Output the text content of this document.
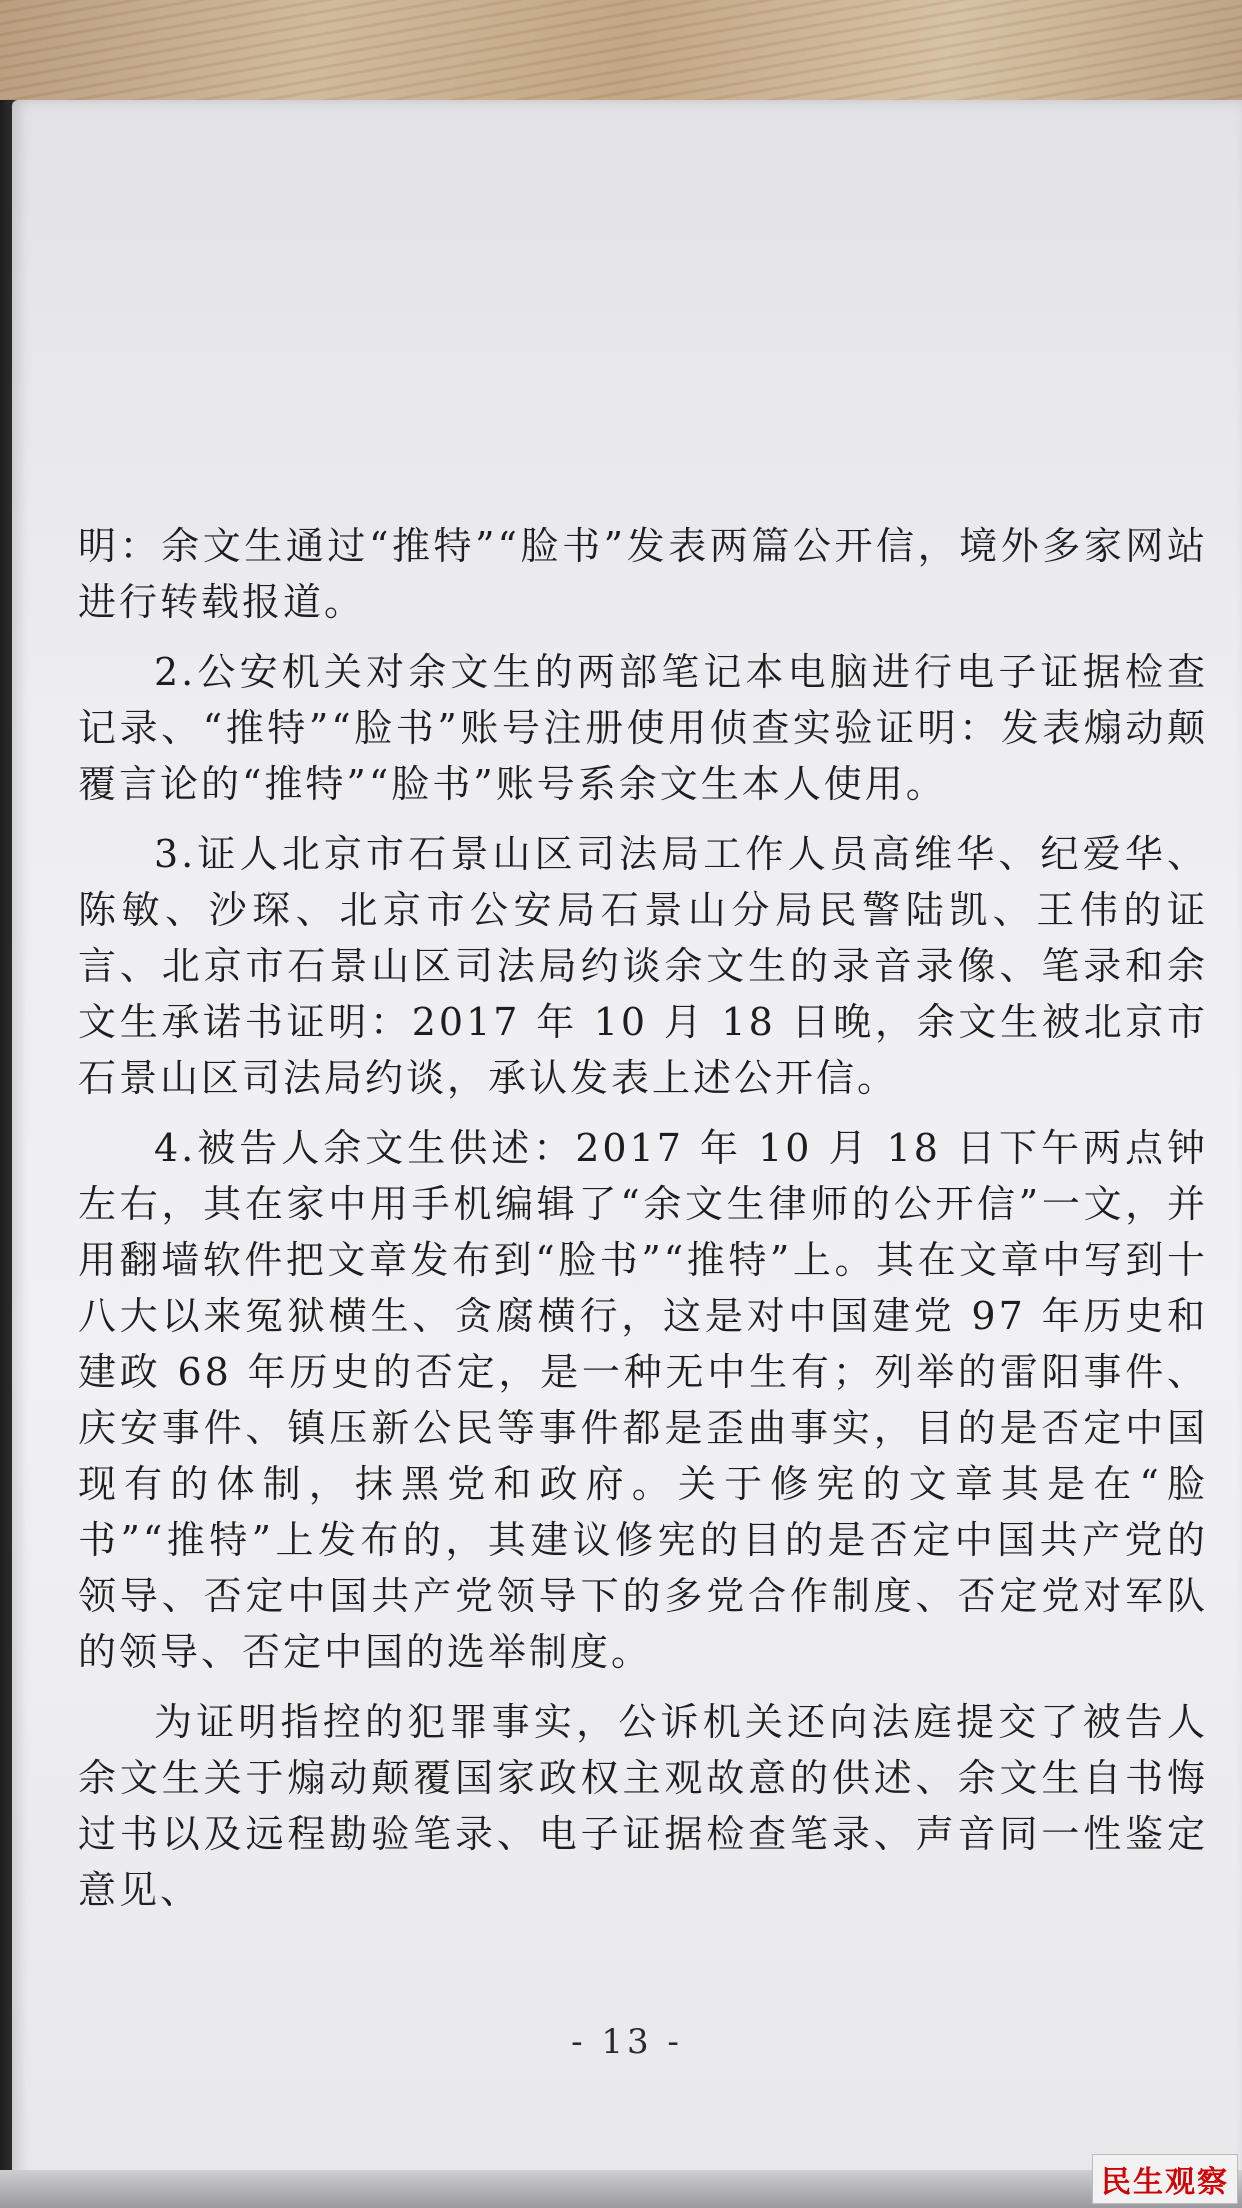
明：余文生通过“推特”“脸书”发表两篇公开信，境外多家网站进行转载报道。

2.公安机关对余文生的两部笔记本电脑进行电子证据检查记录、“推特”“脸书”账号注册使用侦查实验证明：发表煽动颠覆言论的“推特”“脸书”账号系余文生本人使用。

3.证人北京市石景山区司法局工作人员高维华、纪爱华、陈敏、沙琛、北京市公安局石景山分局民警陆凯、王伟的证言、北京市石景山区司法局约谈余文生的录音录像、笔录和余文生承诺书证明：2017 年 10 月 18 日晚，余文生被北京市石景山区司法局约谈，承认发表上述公开信。

4.被告人余文生供述：2017 年 10 月 18 日下午两点钟左右，其在家中用手机编辑了“余文生律师的公开信”一文，并用翻墙软件把文章发布到“脸书”“推特”上。其在文章中写到十八大以来冤狱横生、贪腐横行，这是对中国建党 97 年历史和建政 68 年历史的否定，是一种无中生有；列举的雷阳事件、庆安事件、镇压新公民等事件都是歪曲事实，目的是否定中国现有的体制，抹黑党和政府。关于修宪的文章其是在“脸书”“推特”上发布的，其建议修宪的目的是否定中国共产党的领导、否定中国共产党领导下的多党合作制度、否定党对军队的领导、否定中国的选举制度。

为证明指控的犯罪事实，公诉机关还向法庭提交了被告人余文生关于煽动颠覆国家政权主观故意的供述、余文生自书悔过书以及远程勘验笔录、电子证据检查笔录、声音同一性鉴定意见、

- 13 -
民生观察
